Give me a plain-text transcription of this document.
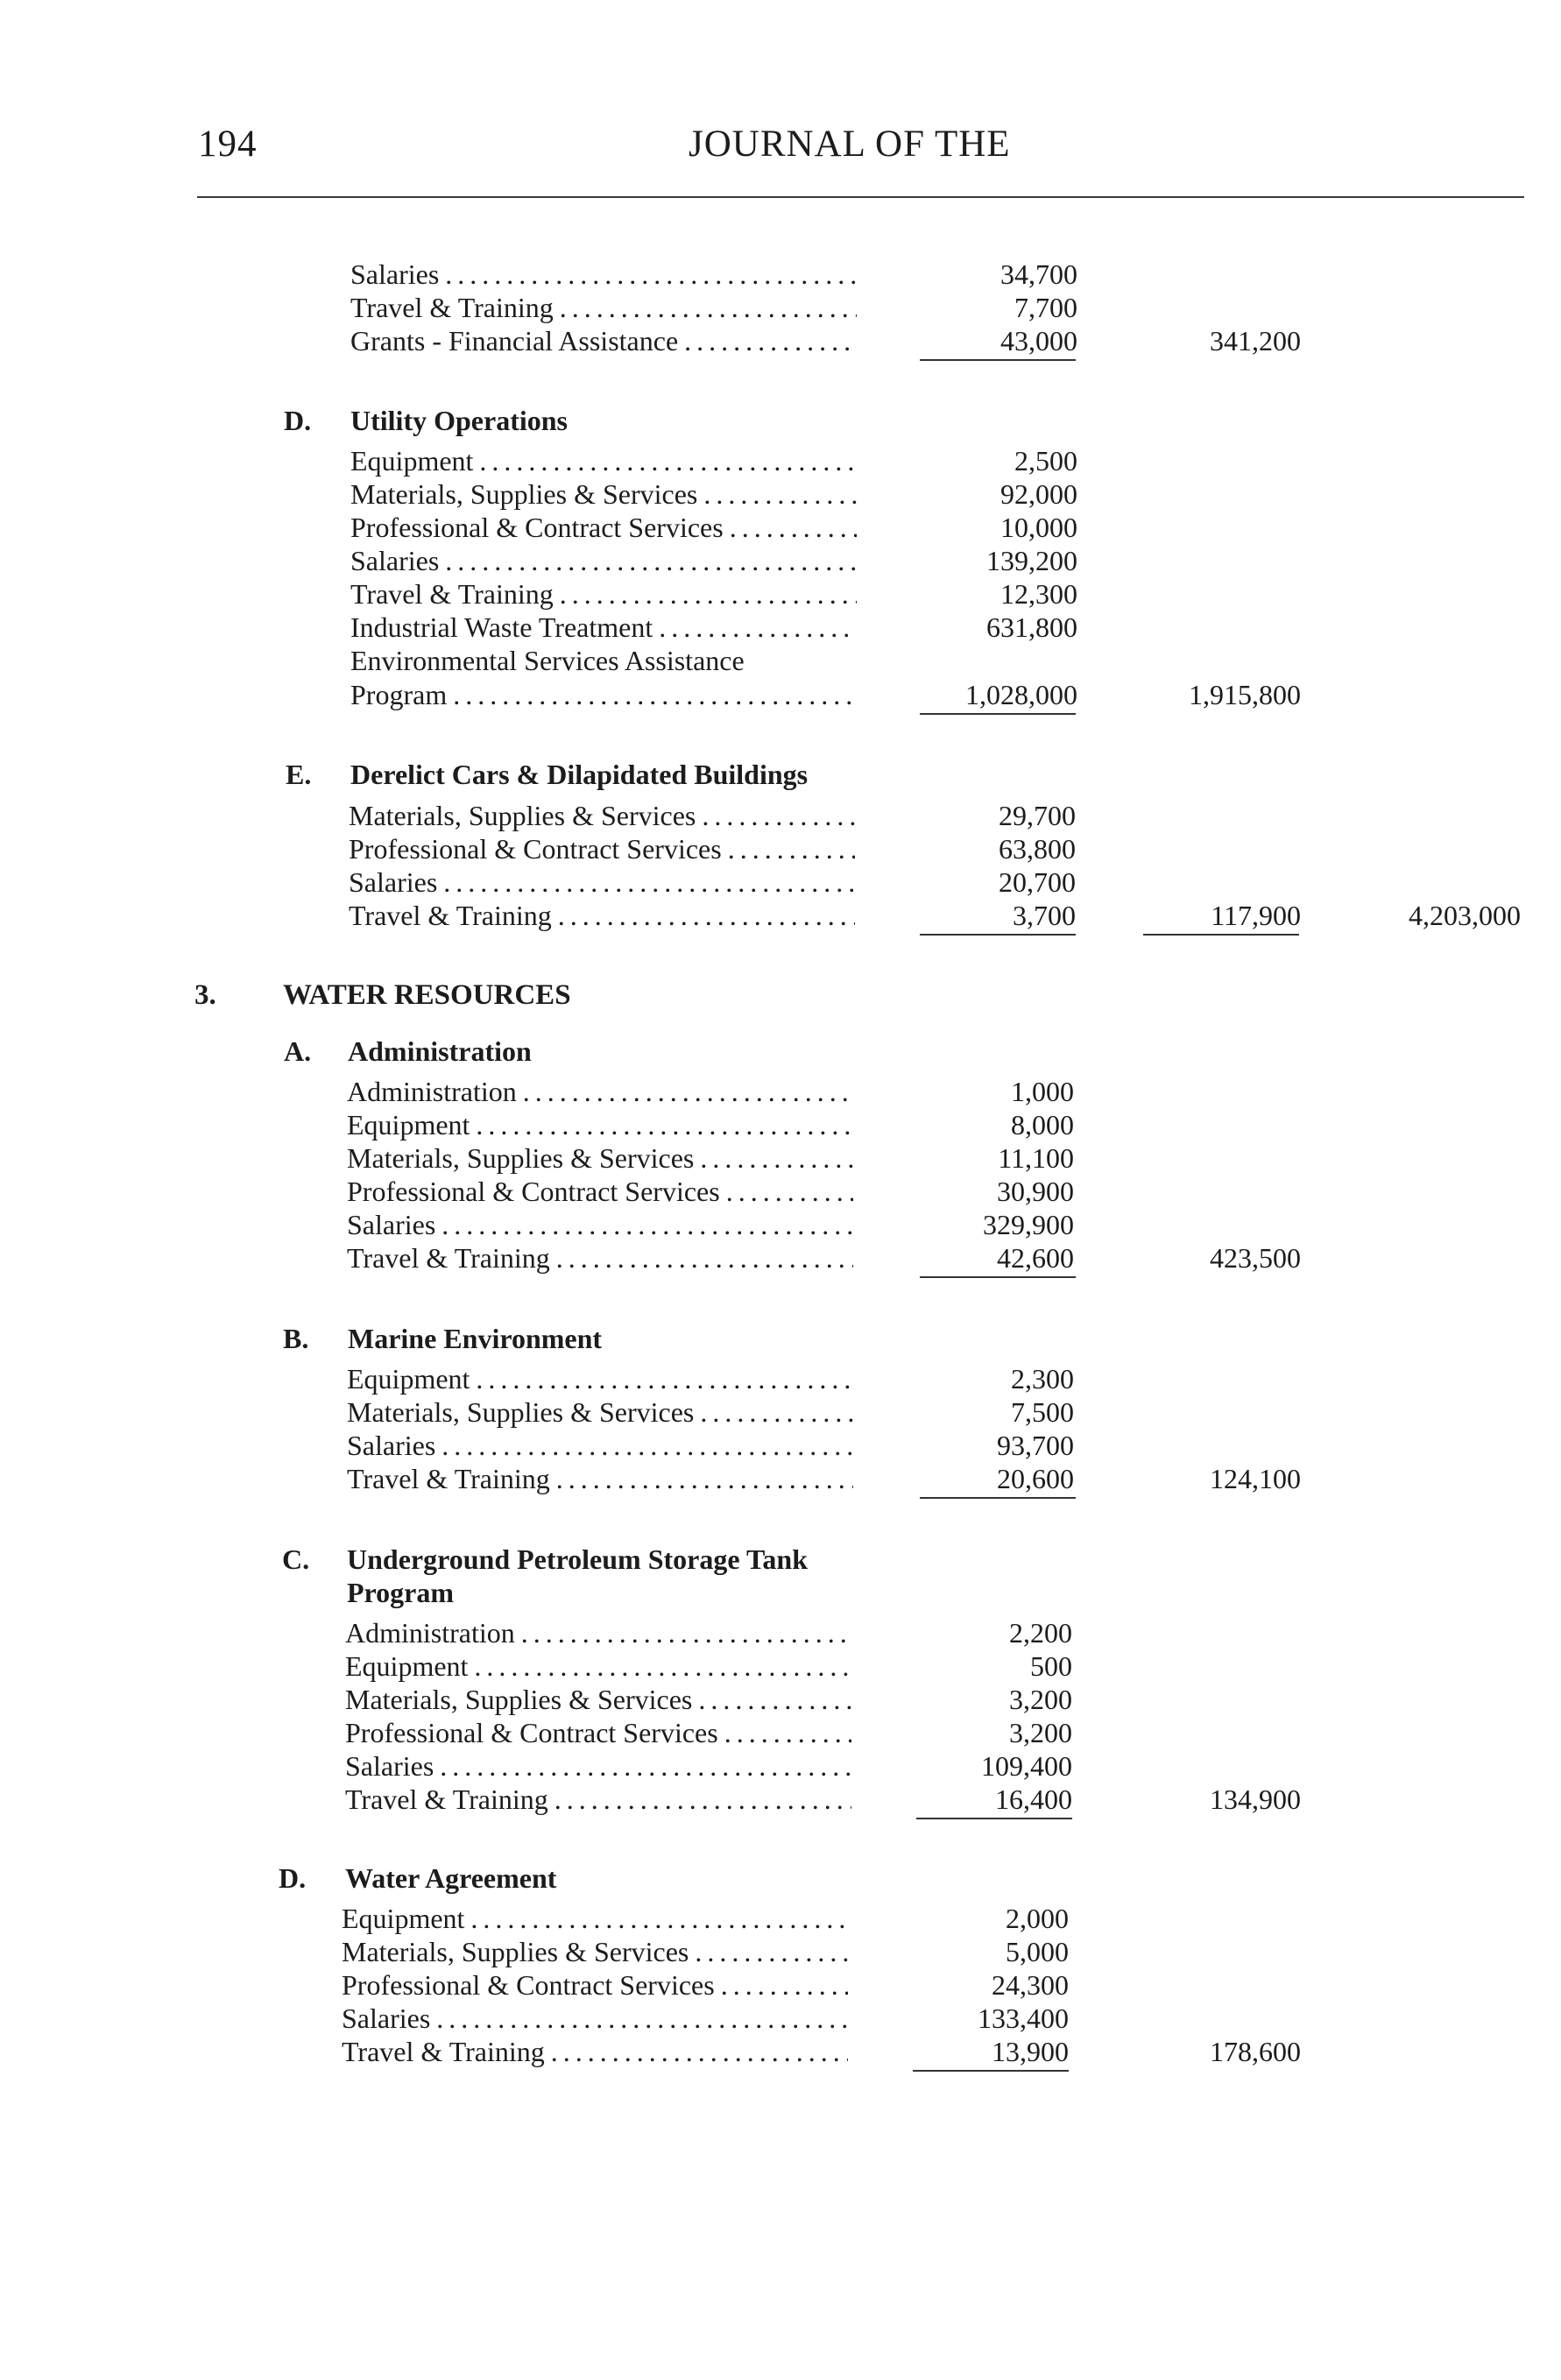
194	JOURNAL OF THE
Salaries . . .	34,700
Travel & Training . . .	7,700
Grants - Financial Assistance . . .	43,000	341,200
D. Utility Operations
Equipment . . .	2,500
Materials, Supplies & Services . . .	92,000
Professional & Contract Services . . .	10,000
Salaries . . .	139,200
Travel & Training . . .	12,300
Industrial Waste Treatment . . .	631,800
Environmental Services Assistance
Program . . .	1,028,000	1,915,800
E. Derelict Cars & Dilapidated Buildings
Materials, Supplies & Services . . .	29,700
Professional & Contract Services . . .	63,800
Salaries . . .	20,700
Travel & Training . . .	3,700	117,900	4,203,000
3. WATER RESOURCES
A. Administration
Administration . . .	1,000
Equipment . . .	8,000
Materials, Supplies & Services . . .	11,100
Professional & Contract Services . . .	30,900
Salaries . . .	329,900
Travel & Training . . .	42,600	423,500
B. Marine Environment
Equipment . . .	2,300
Materials, Supplies & Services . . .	7,500
Salaries . . .	93,700
Travel & Training . . .	20,600	124,100
C. Underground Petroleum Storage Tank
Program
Administration . . .	2,200
Equipment . . .	500
Materials, Supplies & Services . . .	3,200
Professional & Contract Services . . .	3,200
Salaries . . .	109,400
Travel & Training . . .	16,400	134,900
D. Water Agreement
Equipment . . .	2,000
Materials, Supplies & Services . . .	5,000
Professional & Contract Services . . .	24,300
Salaries . . .	133,400
Travel & Training . . .	13,900	178,600
